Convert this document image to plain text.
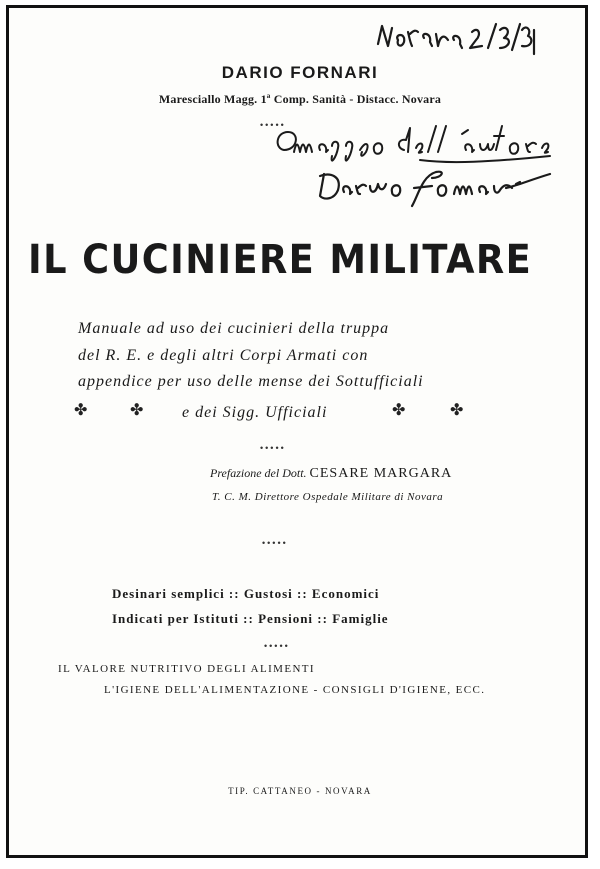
DARIO FORNARI
Maresciallo Magg. 1ª Comp. Sanità - Distacc. Novara
•••••
IL CUCINIERE MILITARE
Manuale ad uso dei cucinieri della truppa
del R. E. e degli altri Corpi Armati con
appendice per uso delle mense dei Sottufficiali
✤	✤ e dei Sigg. Ufficiali	✤	✤
•••••
Prefazione del Dott. CESARE MARGARA
T. C. M. Direttore Ospedale Militare di Novara
•••••
Desinari semplici :: Gustosi :: Economici
Indicati per Istituti :: Pensioni :: Famiglie
•••••
IL VALORE NUTRITIVO DEGLI ALIMENTI
L'IGIENE DELL'ALIMENTAZIONE - CONSIGLI D'IGIENE, ECC.
TIP. CATTANEO - NOVARA
